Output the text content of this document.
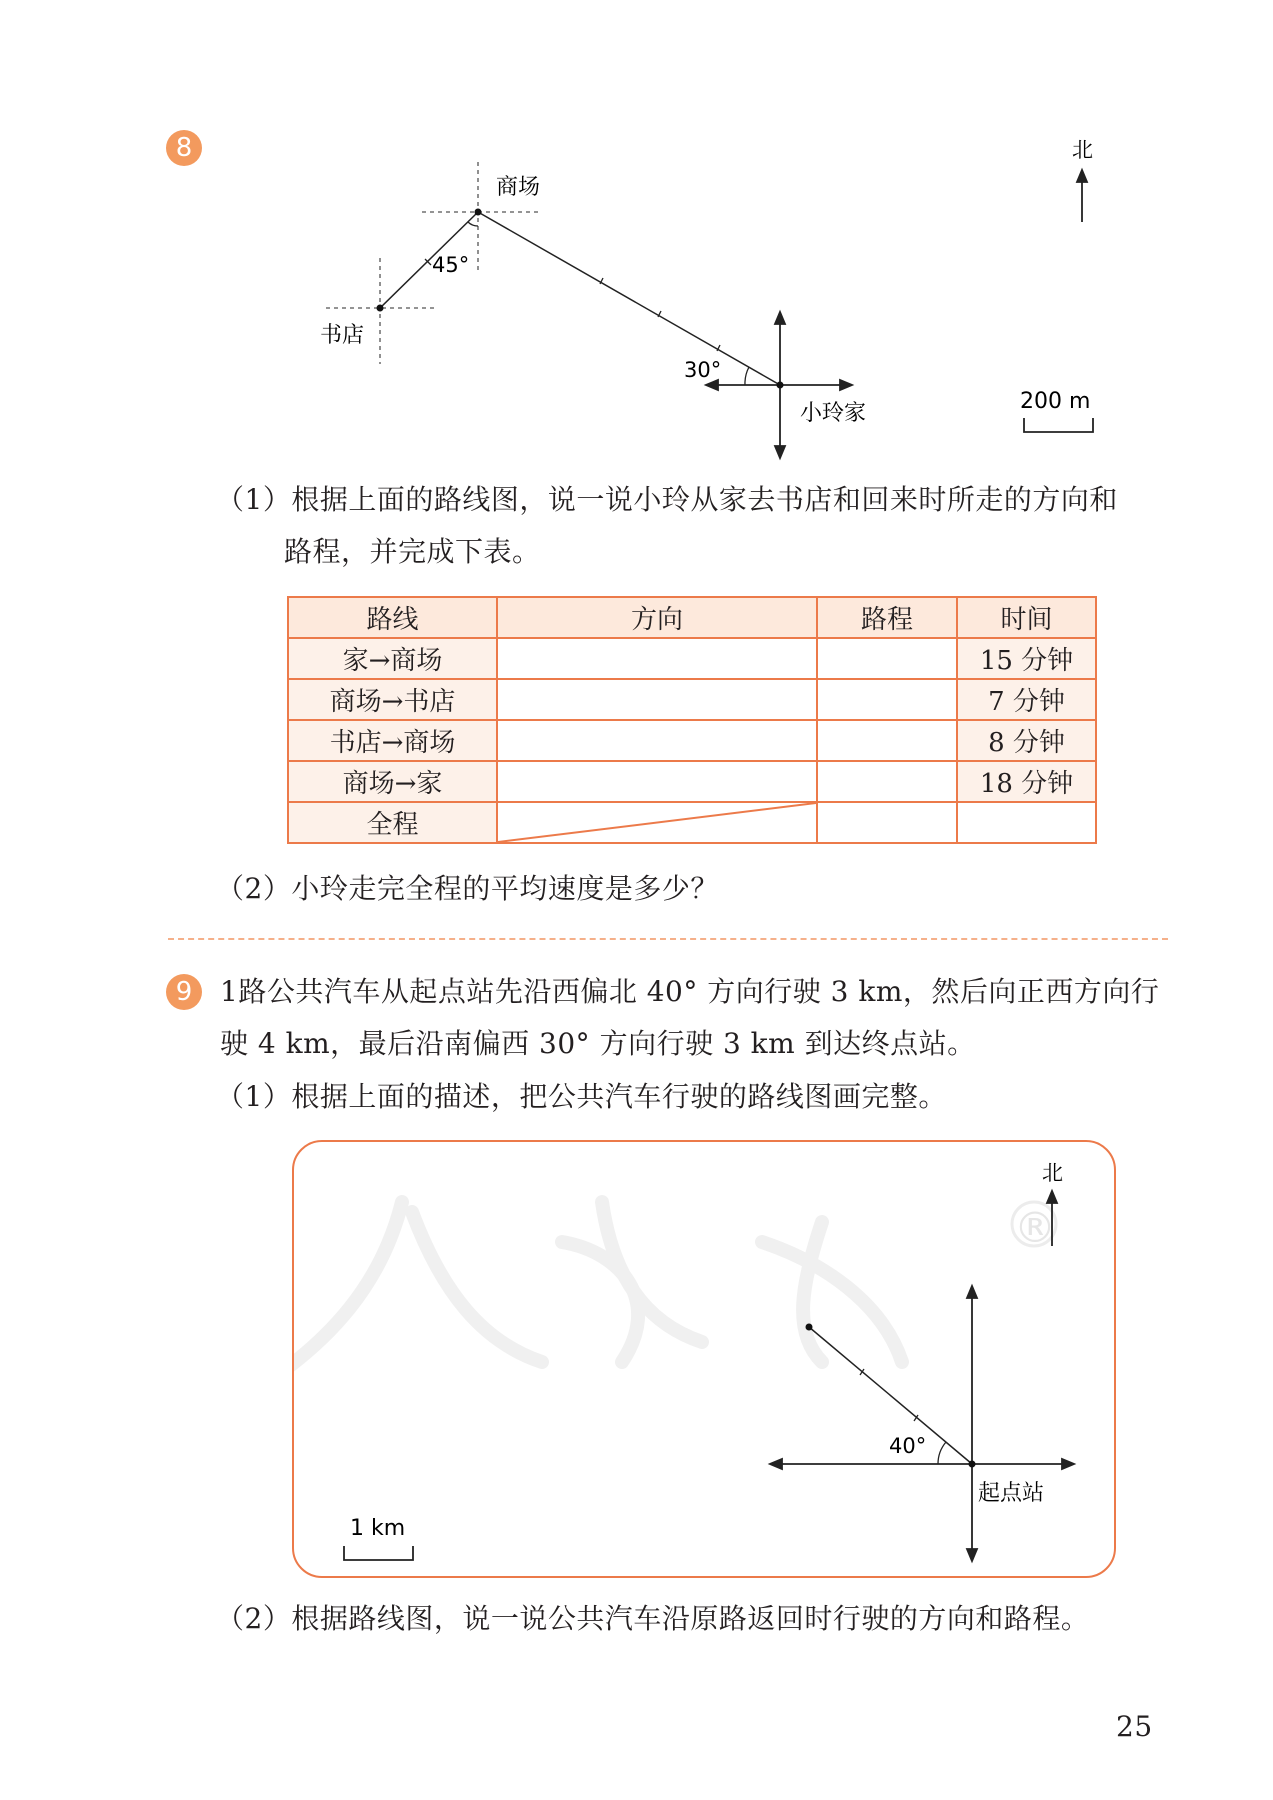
8	北
商场
书店
小玲家
45°
30°
200 m
（1）根据上面的路线图，说一说小玲从家去书店和回来时所走的方向和
路程，并完成下表。
路线	方向	路程	时间
家→商场			15 分钟
商场→书店			7 分钟
书店→商场			8 分钟
商场→家			18 分钟
全程	

（2）小玲走完全程的平均速度是多少？
9 1路公共汽车从起点站先沿西偏北 40° 方向行驶 3 km，然后向正西方向行
驶 4 km，最后沿南偏西 30° 方向行驶 3 km 到达终点站。
（1）根据上面的描述，把公共汽车行驶的路线图画完整。
®
北
起点站
40°
1 km
（2）根据路线图，说一说公共汽车沿原路返回时行驶的方向和路程。
25
